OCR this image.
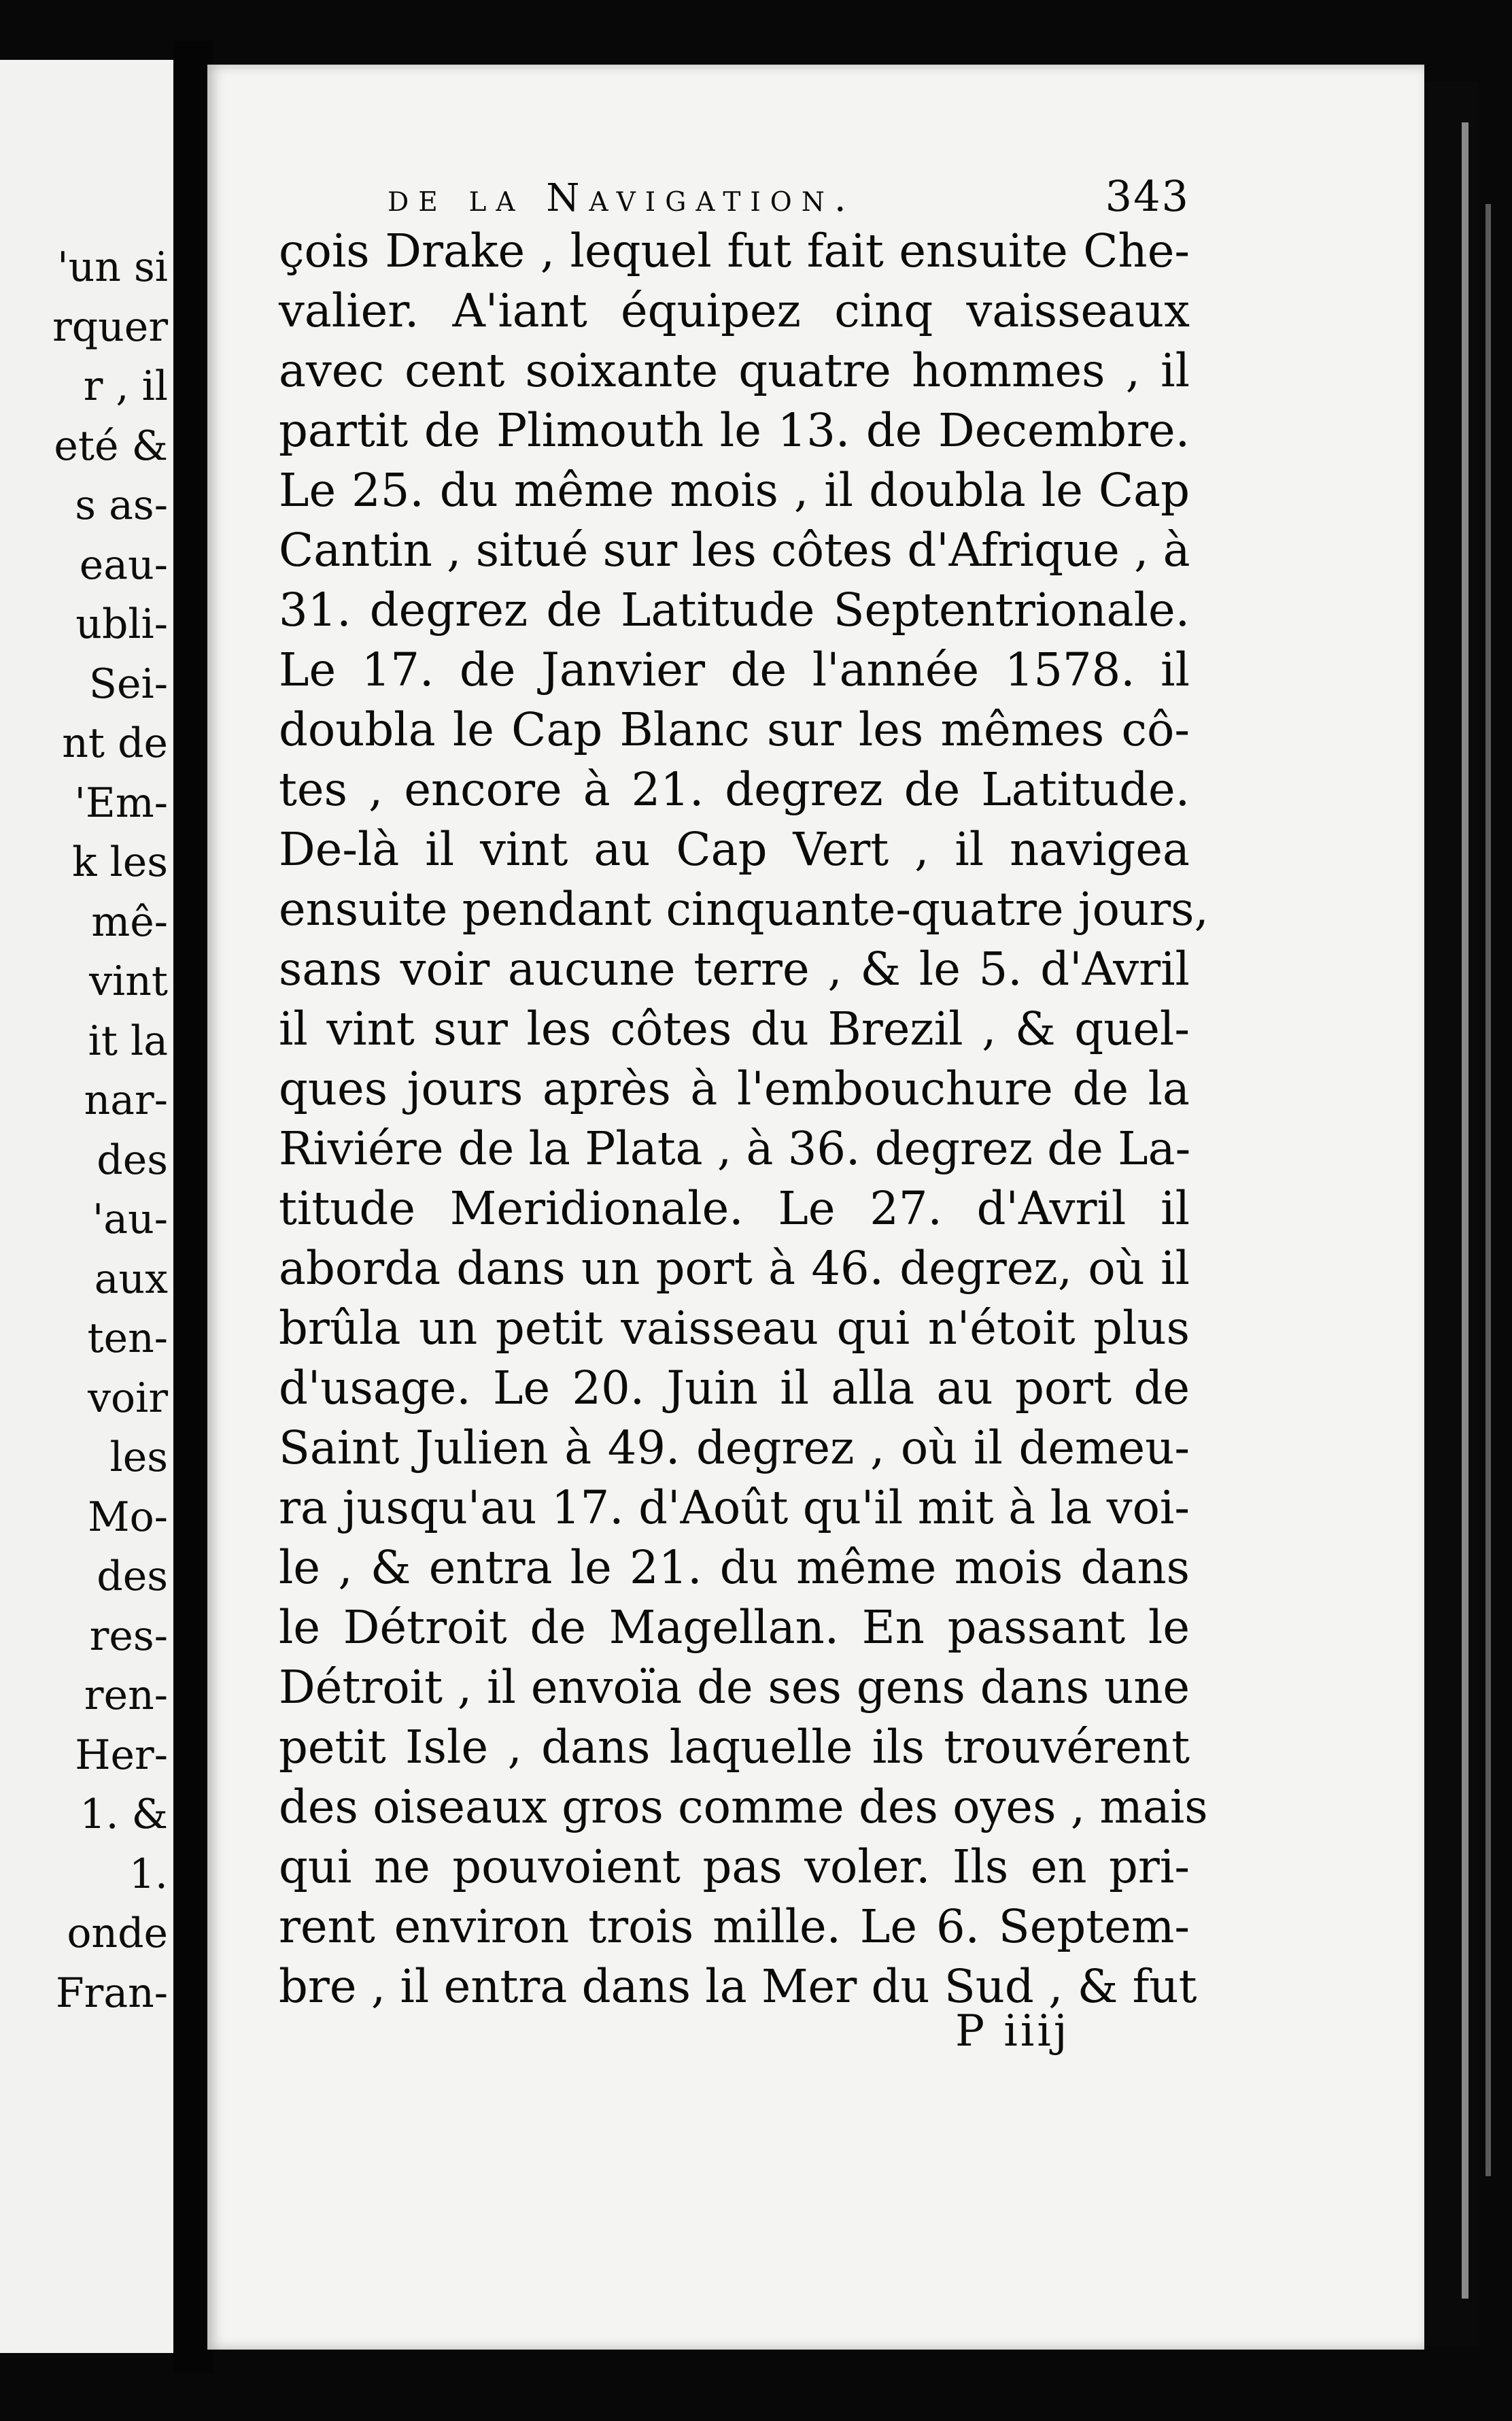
'un si
rquer
r , il
eté &
s as-
eau-
ubli-
Sei-
nt de
'Em-
k les
mê-
vint
it la
nar-
des
'au-
aux
ten-
voir
les
Mo-
des
res-
ren-
Her-
1. &
1.
onde
Fran-
de la Navigation.	343
çois Drake , lequel fut fait ensuite Che-
valier. A'iant équipez cinq vaisseaux
avec cent soixante quatre hommes , il
partit de Plimouth le 13. de Decembre.
Le 25. du même mois , il doubla le Cap
Cantin , situé sur les côtes d'Afrique , à
31. degrez de Latitude Septentrionale.
Le 17. de Janvier de l'année 1578. il
doubla le Cap Blanc sur les mêmes cô-
tes , encore à 21. degrez de Latitude.
De-là il vint au Cap Vert , il navigea
ensuite pendant cinquante-quatre jours,
sans voir aucune terre , & le 5. d'Avril
il vint sur les côtes du Brezil , & quel-
ques jours après à l'embouchure de la
Riviére de la Plata , à 36. degrez de La-
titude Meridionale. Le 27. d'Avril il
aborda dans un port à 46. degrez, où il
brûla un petit vaisseau qui n'étoit plus
d'usage. Le 20. Juin il alla au port de
Saint Julien à 49. degrez , où il demeu-
ra jusqu'au 17. d'Août qu'il mit à la voi-
le , & entra le 21. du même mois dans
le Détroit de Magellan. En passant le
Détroit , il envoïa de ses gens dans une
petit Isle , dans laquelle ils trouvérent
des oiseaux gros comme des oyes , mais
qui ne pouvoient pas voler. Ils en pri-
rent environ trois mille. Le 6. Septem-
bre , il entra dans la Mer du Sud , & fut
P iiij
